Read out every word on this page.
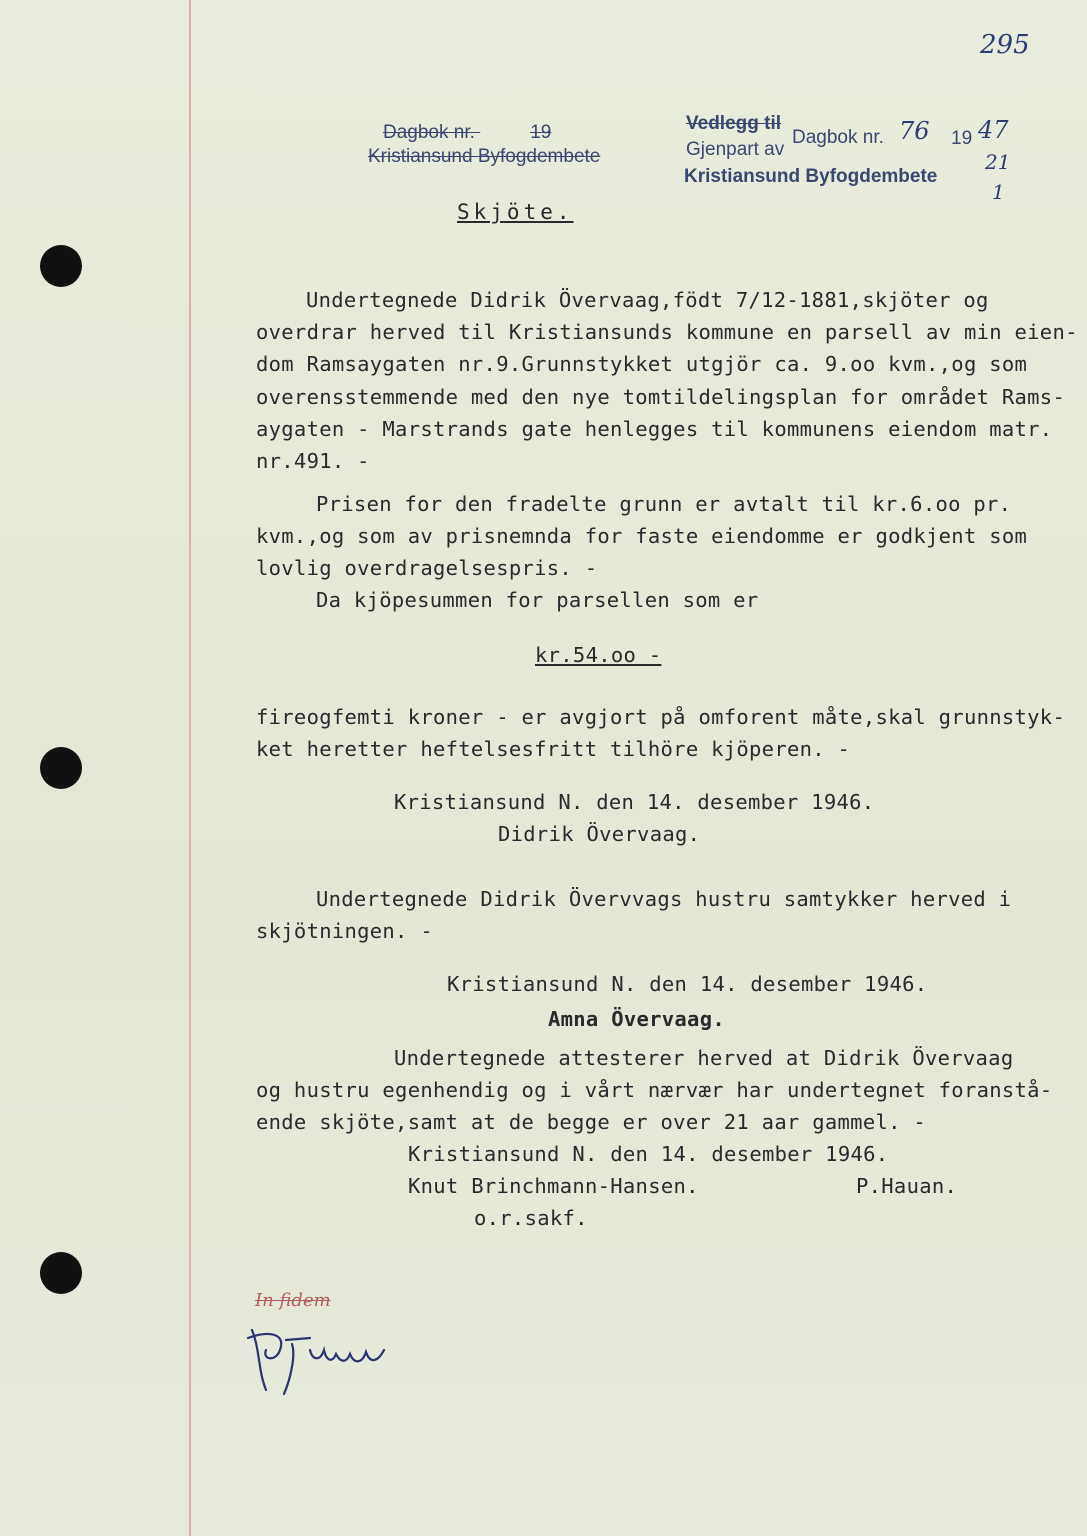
295
Dagbok nr.	19
Kristiansund Byfogdembete
Vedlegg til
Gjenpart av
Dagbok nr. 76 19 47
Kristiansund Byfogdembete
21
1
Skjöte.
Undertegnede Didrik Övervaag,födt 7/12-1881,skjöter og
overdrar herved til Kristiansunds kommune en parsell av min eien-
dom Ramsaygaten nr.9.Grunnstykket utgjör ca. 9.oo kvm.,og som
overensstemmende med den nye tomtildelingsplan for området Rams-
aygaten - Marstrands gate henlegges til kommunens eiendom matr.
nr.491. -
Prisen for den fradelte grunn er avtalt til kr.6.oo pr.
kvm.,og som av prisnemnda for faste eiendomme er godkjent som
lovlig overdragelsespris. -
Da kjöpesummen for parsellen som er
kr.54.oo -
fireogfemti kroner - er avgjort på omforent måte,skal grunnstyk-
ket heretter heftelsesfritt tilhöre kjöperen. -
Kristiansund N. den 14. desember 1946.
Didrik Övervaag.
Undertegnede Didrik Övervvags hustru samtykker herved i
skjötningen. -
Kristiansund N. den 14. desember 1946.
Amna Övervaag.
Undertegnede attesterer herved at Didrik Övervaag
og hustru egenhendig og i vårt nærvær har undertegnet foranstå-
ende skjöte,samt at de begge er over 21 aar gammel. -
Kristiansund N. den 14. desember 1946.
Knut Brinchmann-Hansen.	P.Hauan.
o.r.sakf.
In fidem
